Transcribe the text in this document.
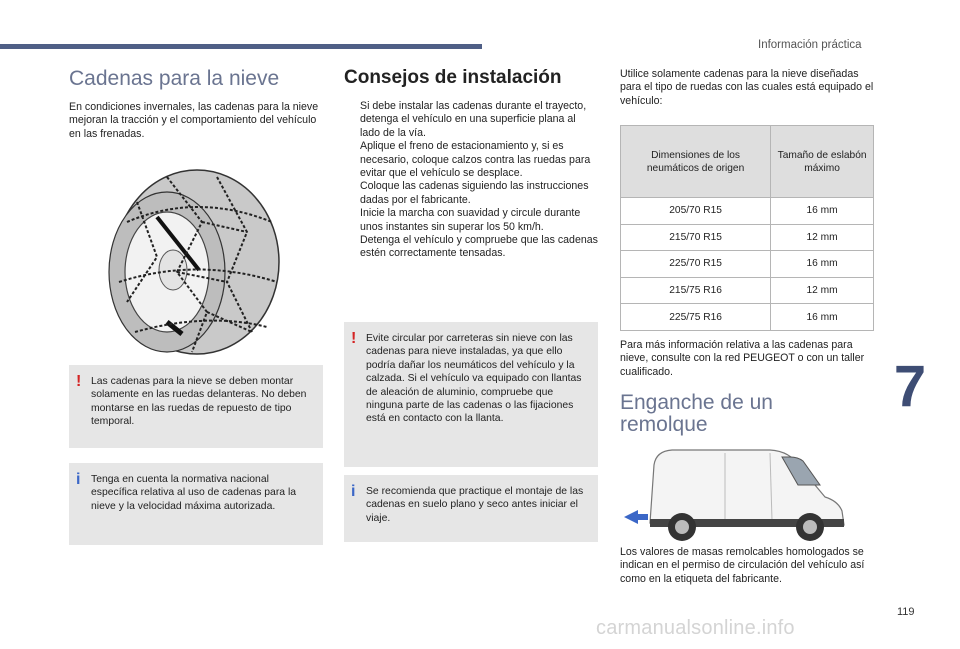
Información práctica
Cadenas para la nieve

En condiciones invernales, las cadenas para la nieve mejoran la tracción y el comportamiento del vehículo en las frenadas.

! Las cadenas para la nieve se deben montar solamente en las ruedas delanteras. No deben montarse en las ruedas de repuesto de tipo temporal.
i Tenga en cuenta la normativa nacional específica relativa al uso de cadenas para la nieve y la velocidad máxima autorizada.
Consejos de instalación
Si debe instalar las cadenas durante el trayecto, detenga el vehículo en una superficie plana al lado de la vía.
Aplique el freno de estacionamiento y, si es necesario, coloque calzos contra las ruedas para evitar que el vehículo se desplace.
Coloque las cadenas siguiendo las instrucciones dadas por el fabricante.
Inicie la marcha con suavidad y circule durante unos instantes sin superar los 50 km/h.
Detenga el vehículo y compruebe que las cadenas estén correctamente tensadas.
! Evite circular por carreteras sin nieve con las cadenas para nieve instaladas, ya que ello podría dañar los neumáticos del vehículo y la calzada. Si el vehículo va equipado con llantas de aleación de aluminio, compruebe que ninguna parte de las cadenas o las fijaciones está en contacto con la llanta.
i Se recomienda que practique el montaje de las cadenas en suelo plano y seco antes iniciar el viaje.

Utilice solamente cadenas para la nieve diseñadas para el tipo de ruedas con las cuales está equipado el vehículo:

Dimensiones de los neumáticos de origen	Tamaño de eslabón máximo
205/70 R15	16 mm
215/70 R15	12 mm
225/70 R15	16 mm
215/75 R16	12 mm
225/75 R16	16 mm

Para más información relativa a las cadenas para nieve, consulte con la red PEUGEOT o con un taller cualificado.

Enganche de un remolque

Los valores de masas remolcables homologados se indican en el permiso de circulación del vehículo así como en la etiqueta del fabricante.

7
119
carmanualsonline.info
